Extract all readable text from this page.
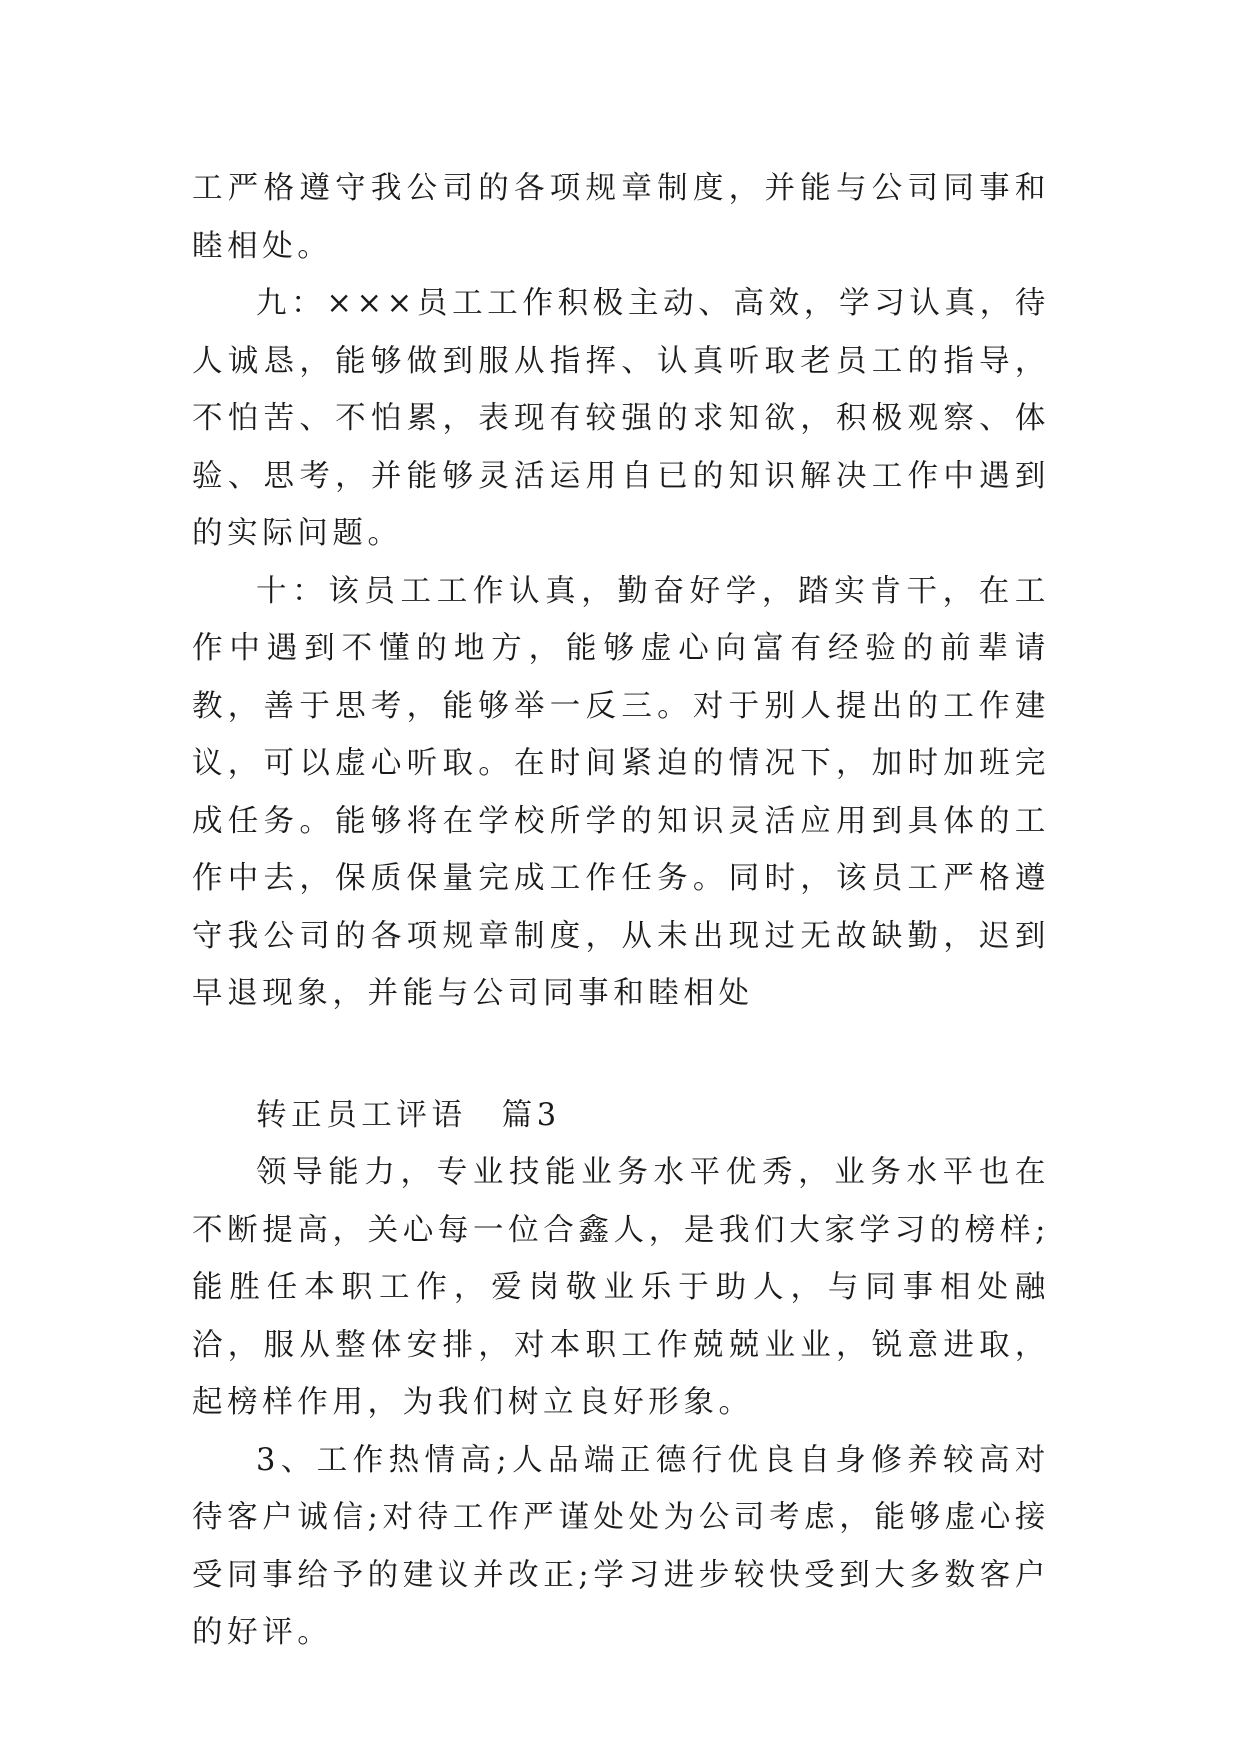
工严格遵守我公司的各项规章制度，并能与公司同事和睦相处。

九：×××员工工作积极主动、高效，学习认真，待人诚恳，能够做到服从指挥、认真听取老员工的指导，不怕苦、不怕累，表现有较强的求知欲，积极观察、体验、思考，并能够灵活运用自已的知识解决工作中遇到的实际问题。

十：该员工工作认真，勤奋好学，踏实肯干，在工作中遇到不懂的地方，能够虚心向富有经验的前辈请教，善于思考，能够举一反三。对于别人提出的工作建议，可以虚心听取。在时间紧迫的情况下，加时加班完成任务。能够将在学校所学的知识灵活应用到具体的工作中去，保质保量完成工作任务。同时，该员工严格遵守我公司的各项规章制度，从未出现过无故缺勤，迟到早退现象，并能与公司同事和睦相处

转正员工评语　篇3

领导能力，专业技能业务水平优秀，业务水平也在不断提高，关心每一位合鑫人，是我们大家学习的榜样;能胜任本职工作，爱岗敬业乐于助人，与同事相处融洽，服从整体安排，对本职工作兢兢业业，锐意进取，起榜样作用，为我们树立良好形象。

3、工作热情高;人品端正德行优良自身修养较高对待客户诚信;对待工作严谨处处为公司考虑，能够虚心接受同事给予的建议并改正;学习进步较快受到大多数客户的好评。
